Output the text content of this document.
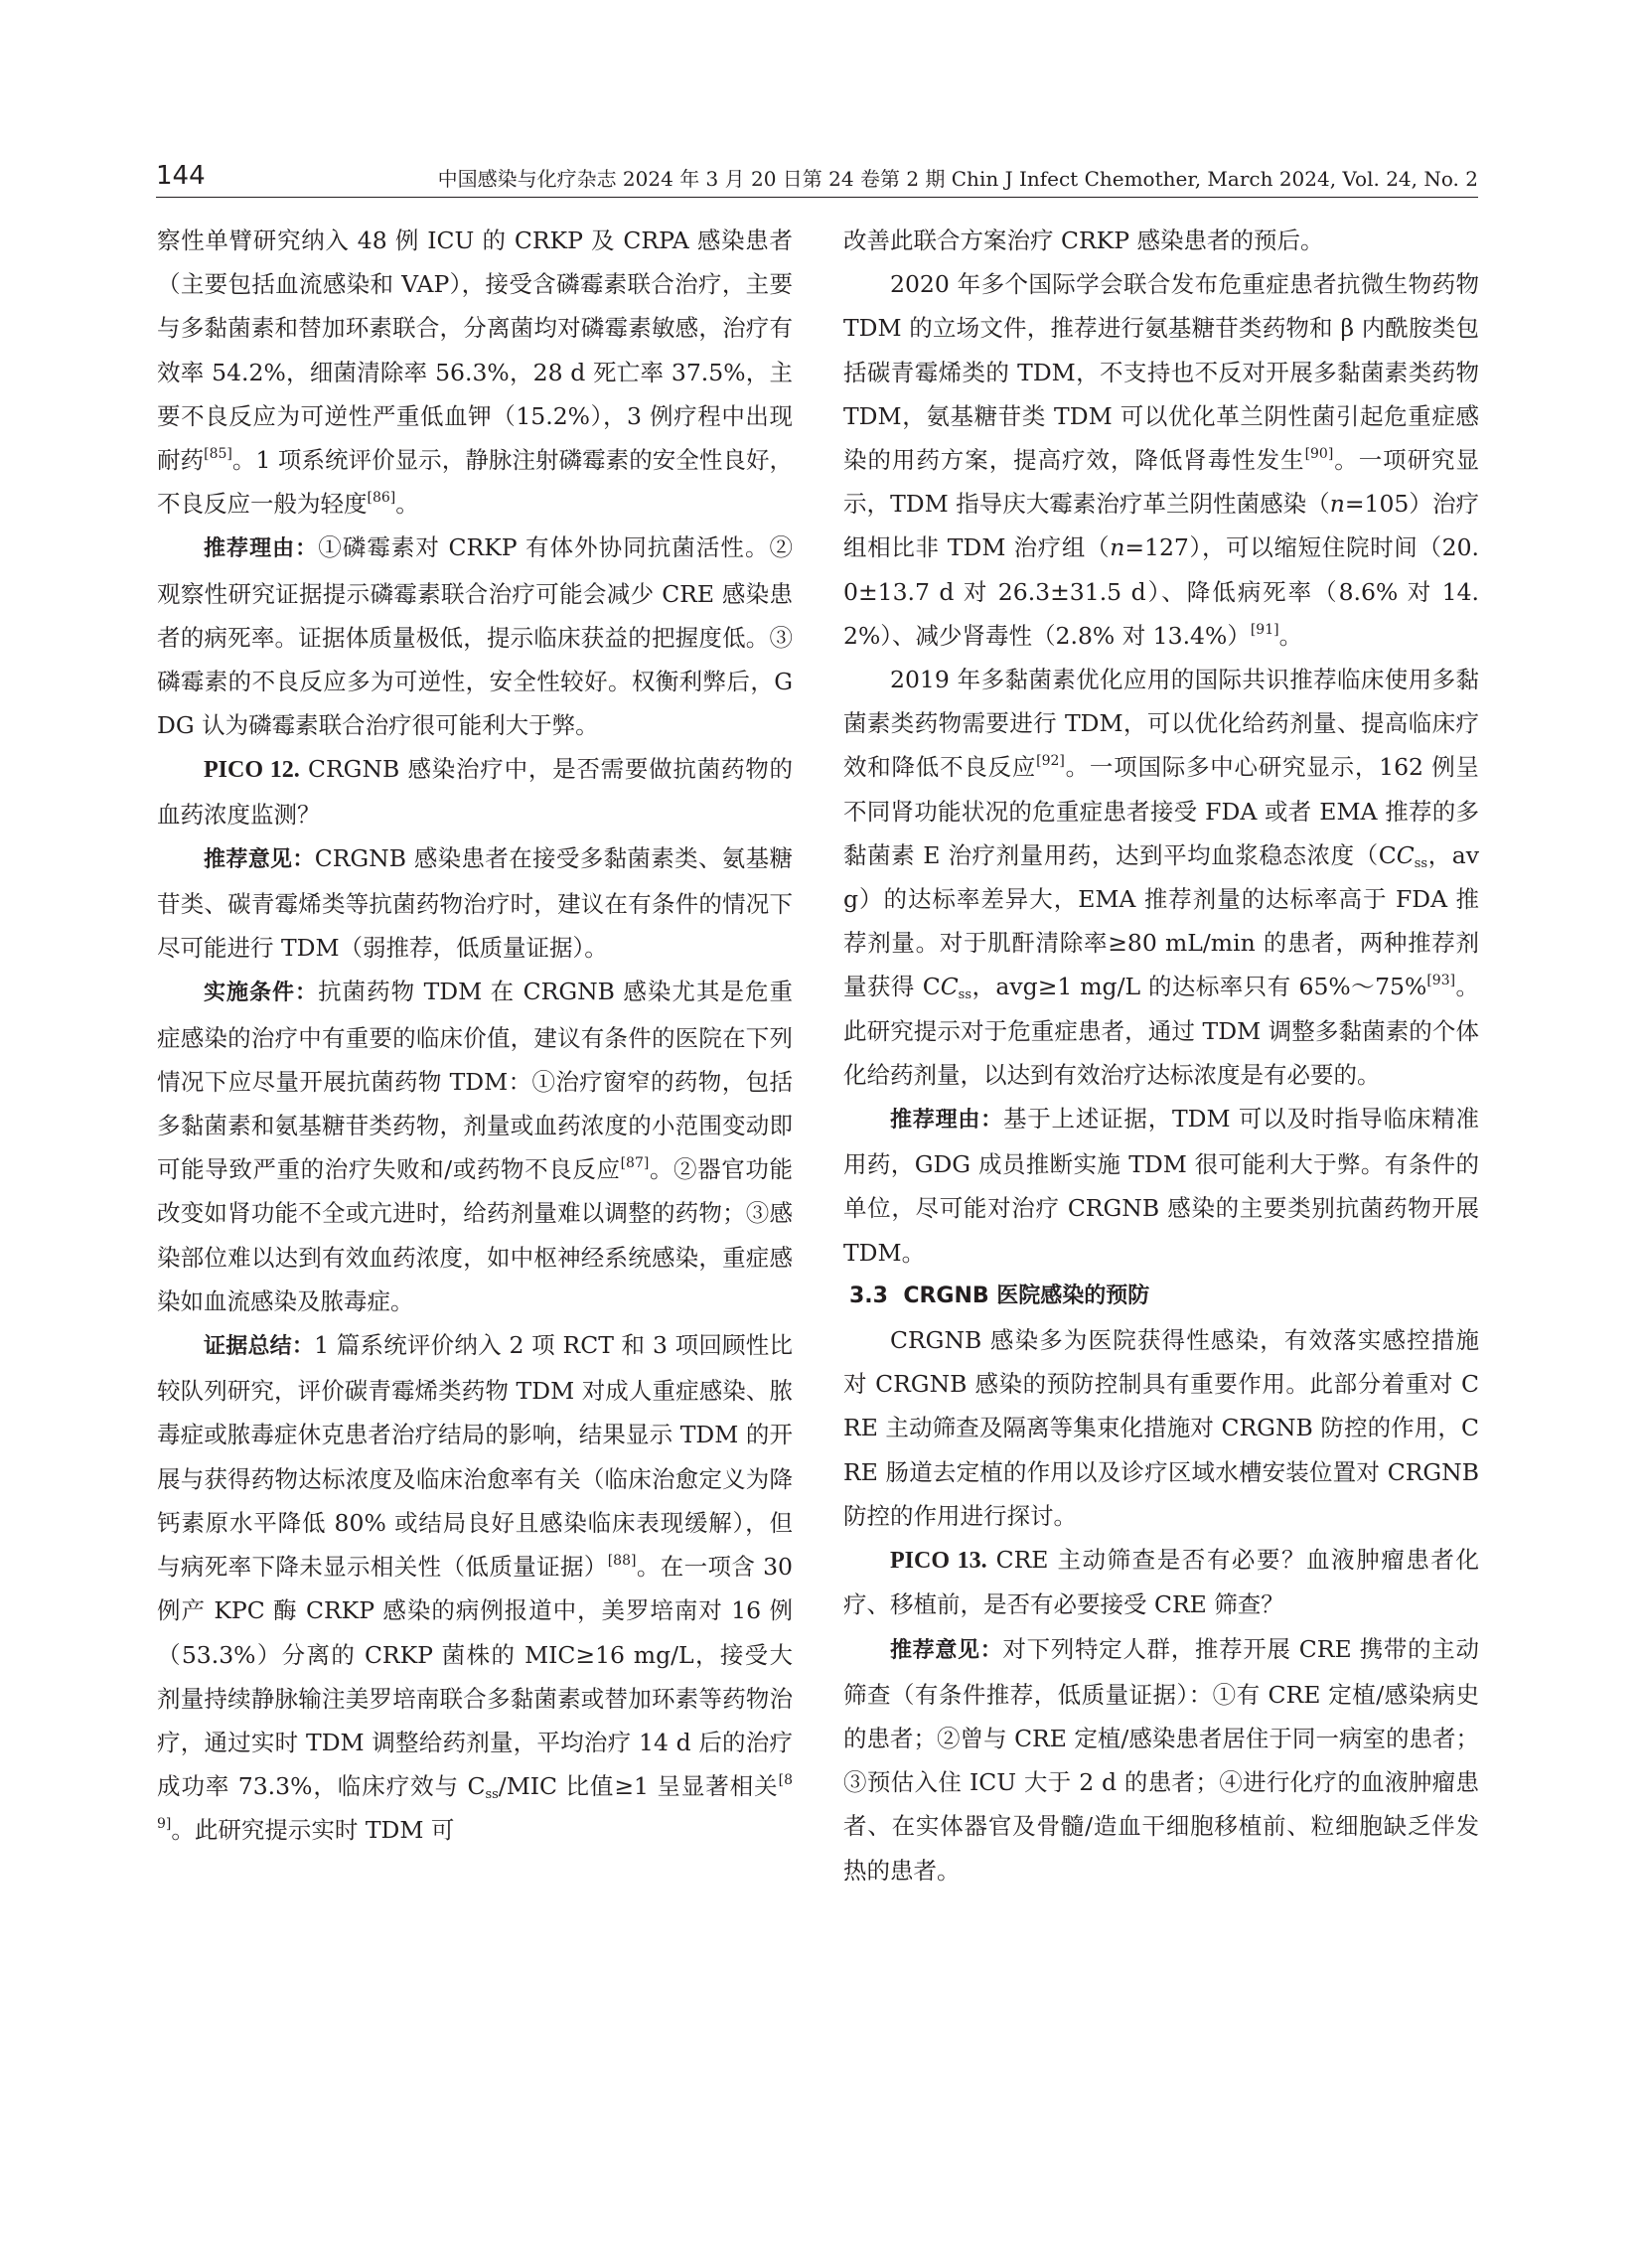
144	中国感染与化疗杂志 2024 年 3 月 20 日第 24 卷第 2 期 Chin J Infect Chemother, March 2024, Vol. 24, No. 2

察性单臂研究纳入 48 例 ICU 的 CRKP 及 CRPA 感染患者（主要包括血流感染和 VAP），接受含磷霉素联合治疗，主要与多黏菌素和替加环素联合，分离菌均对磷霉素敏感，治疗有效率 54.2%，细菌清除率 56.3%，28 d 死亡率 37.5%，主要不良反应为可逆性严重低血钾（15.2%），3 例疗程中出现耐药[85]。1 项系统评价显示，静脉注射磷霉素的安全性良好，不良反应一般为轻度[86]。

推荐理由：①磷霉素对 CRKP 有体外协同抗菌活性。②观察性研究证据提示磷霉素联合治疗可能会减少 CRE 感染患者的病死率。证据体质量极低，提示临床获益的把握度低。③磷霉素的不良反应多为可逆性，安全性较好。权衡利弊后，GDG 认为磷霉素联合治疗很可能利大于弊。

PICO 12. CRGNB 感染治疗中，是否需要做抗菌药物的血药浓度监测？

推荐意见：CRGNB 感染患者在接受多黏菌素类、氨基糖苷类、碳青霉烯类等抗菌药物治疗时，建议在有条件的情况下尽可能进行 TDM（弱推荐，低质量证据）。

实施条件：抗菌药物 TDM 在 CRGNB 感染尤其是危重症感染的治疗中有重要的临床价值，建议有条件的医院在下列情况下应尽量开展抗菌药物 TDM：①治疗窗窄的药物，包括多黏菌素和氨基糖苷类药物，剂量或血药浓度的小范围变动即可能导致严重的治疗失败和/或药物不良反应[87]。②器官功能改变如肾功能不全或亢进时，给药剂量难以调整的药物；③感染部位难以达到有效血药浓度，如中枢神经系统感染，重症感染如血流感染及脓毒症。

证据总结：1 篇系统评价纳入 2 项 RCT 和 3 项回顾性比较队列研究，评价碳青霉烯类药物 TDM 对成人重症感染、脓毒症或脓毒症休克患者治疗结局的影响，结果显示 TDM 的开展与获得药物达标浓度及临床治愈率有关（临床治愈定义为降钙素原水平降低 80% 或结局良好且感染临床表现缓解），但与病死率下降未显示相关性（低质量证据）[88]。在一项含 30 例产 KPC 酶 CRKP 感染的病例报道中，美罗培南对 16 例（53.3%）分离的 CRKP 菌株的 MIC≥16 mg/L，接受大剂量持续静脉输注美罗培南联合多黏菌素或替加环素等药物治疗，通过实时 TDM 调整给药剂量，平均治疗 14 d 后的治疗成功率 73.3%，临床疗效与 $C_{ss}$/MIC 比值≥1 呈显著相关[89]。此研究提示实时 TDM 可

改善此联合方案治疗 CRKP 感染患者的预后。

2020 年多个国际学会联合发布危重症患者抗微生物药物 TDM 的立场文件，推荐进行氨基糖苷类药物和 β 内酰胺类包括碳青霉烯类的 TDM，不支持也不反对开展多黏菌素类药物 TDM，氨基糖苷类 TDM 可以优化革兰阴性菌引起危重症感染的用药方案，提高疗效，降低肾毒性发生[90]。一项研究显示，TDM 指导庆大霉素治疗革兰阴性菌感染（n=105）治疗组相比非 TDM 治疗组（n=127），可以缩短住院时间（20.0±13.7 d 对 26.3±31.5 d）、降低病死率（8.6% 对 14.2%）、减少肾毒性（2.8% 对 13.4%）[91]。

2019 年多黏菌素优化应用的国际共识推荐临床使用多黏菌素类药物需要进行 TDM，可以优化给药剂量、提高临床疗效和降低不良反应[92]。一项国际多中心研究显示，162 例呈不同肾功能状况的危重症患者接受 FDA 或者 EMA 推荐的多黏菌素 E 治疗剂量用药，达到平均血浆稳态浓度（$CC_{ss}$，avg）的达标率差异大，EMA 推荐剂量的达标率高于 FDA 推荐剂量。对于肌酐清除率≥80 mL/min 的患者，两种推荐剂量获得 $CC_{ss}$，avg≥1 mg/L 的达标率只有 65%～75%[93]。此研究提示对于危重症患者，通过 TDM 调整多黏菌素的个体化给药剂量，以达到有效治疗达标浓度是有必要的。

推荐理由：基于上述证据，TDM 可以及时指导临床精准用药，GDG 成员推断实施 TDM 很可能利大于弊。有条件的单位，尽可能对治疗 CRGNB 感染的主要类别抗菌药物开展 TDM。

3.3 CRGNB 医院感染的预防

CRGNB 感染多为医院获得性感染，有效落实感控措施对 CRGNB 感染的预防控制具有重要作用。此部分着重对 CRE 主动筛查及隔离等集束化措施对 CRGNB 防控的作用，CRE 肠道去定植的作用以及诊疗区域水槽安装位置对 CRGNB 防控的作用进行探讨。

PICO 13. CRE 主动筛查是否有必要？血液肿瘤患者化疗、移植前，是否有必要接受 CRE 筛查？

推荐意见：对下列特定人群，推荐开展 CRE 携带的主动筛查（有条件推荐，低质量证据）：①有 CRE 定植/感染病史的患者；②曾与 CRE 定植/感染患者居住于同一病室的患者；③预估入住 ICU 大于 2 d 的患者；④进行化疗的血液肿瘤患者、在实体器官及骨髓/造血干细胞移植前、粒细胞缺乏伴发热的患者。
